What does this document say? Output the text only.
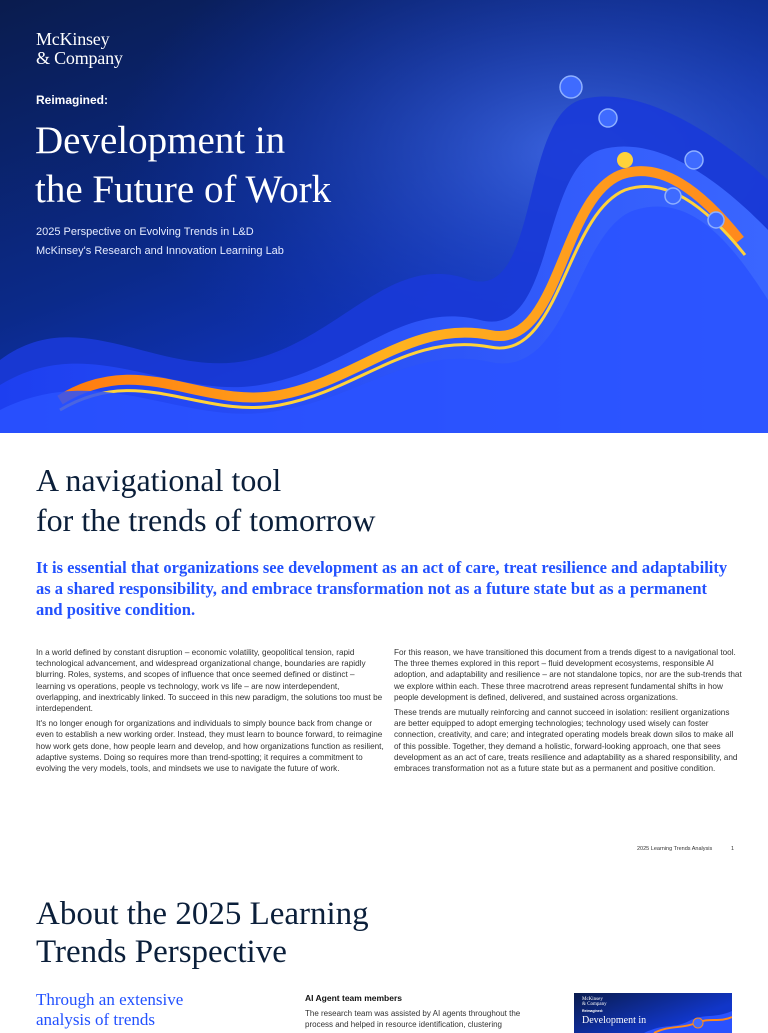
McKinsey
& Company
Reimagined:
Development in
the Future of Work
2025 Perspective on Evolving Trends in L&D
McKinsey's Research and Innovation Learning Lab
A navigational tool
for the trends of tomorrow

It is essential that organizations see development as an act of care, treat resilience and adaptability as a shared responsibility, and embrace transformation not as a future state but as a permanent and positive condition.

In a world defined by constant disruption – economic volatility, geopolitical tension, rapid technological advancement, and widespread organizational change, boundaries are rapidly blurring. Roles, systems, and scopes of influence that once seemed defined or distinct – learning vs operations, people vs technology, work vs life – are now interdependent, overlapping, and inextricably linked. To succeed in this new paradigm, the solutions too must be interdependent.

It's no longer enough for organizations and individuals to simply bounce back from change or even to establish a new working order. Instead, they must learn to bounce forward, to reimagine how work gets done, how people learn and develop, and how organizations function as resilient, adaptive systems. Doing so requires more than trend-spotting; it requires a commitment to evolving the very models, tools, and mindsets we use to navigate the future of work.

For this reason, we have transitioned this document from a trends digest to a navigational tool. The three themes explored in this report – fluid development ecosystems, responsible AI adoption, and adaptability and resilience – are not standalone topics, nor are the sub-trends that we explore within each. These three macrotrend areas represent fundamental shifts in how people development is defined, delivered, and sustained across organizations.

These trends are mutually reinforcing and cannot succeed in isolation: resilient organizations are better equipped to adopt emerging technologies; technology used wisely can foster connection, creativity, and care; and integrated operating models break down silos to make all of this possible. Together, they demand a holistic, forward-looking approach, one that sees development as an act of care, treats resilience and adaptability as a shared responsibility, and embraces transformation not as a future state but as a permanent and positive condition.

2025 Learning Trends Analysis	1
About the 2025 Learning
Trends Perspective
Through an extensive
analysis of trends
AI Agent team members
The research team was assisted by AI agents throughout the process and helped in resource identification, clustering
McKinsey
& Company
Reimagined:
Development in
